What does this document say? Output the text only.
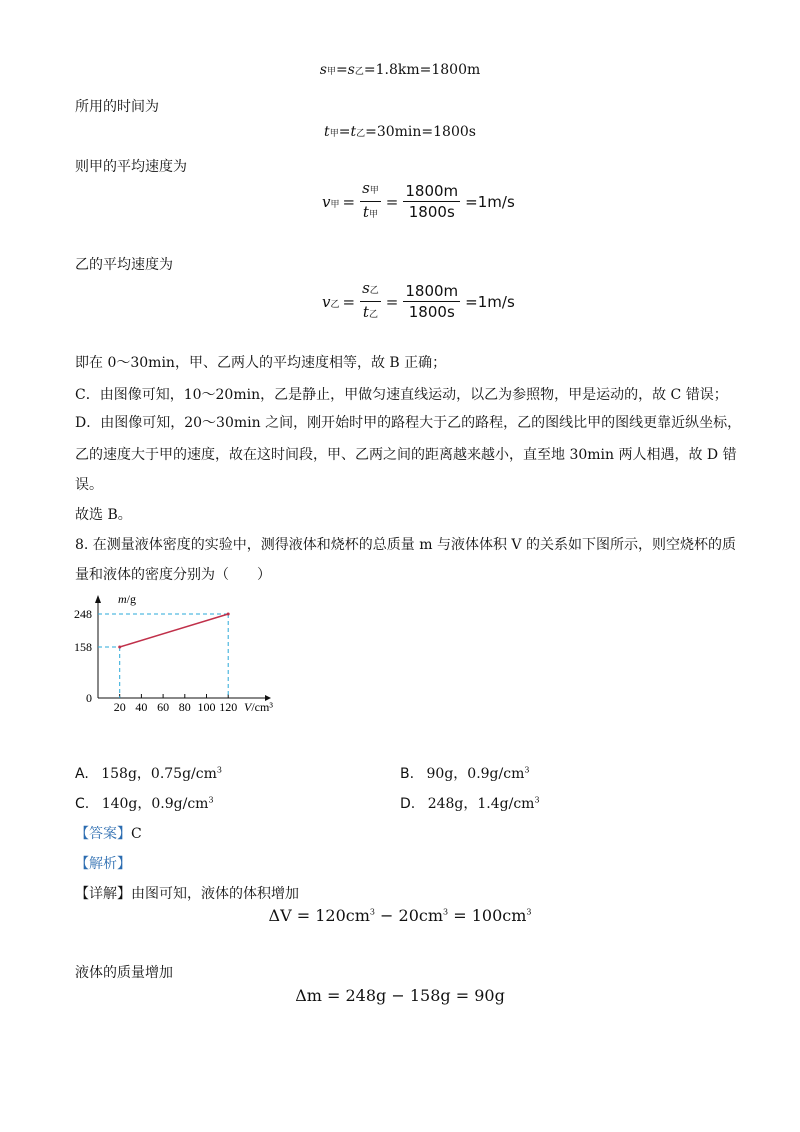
s甲=s乙=1.8km=1800m
所用的时间为
t甲=t乙=30min=1800s
则甲的平均速度为
v甲 = $\frac{\text{s甲}}{\text{t甲}} = \frac{1800m}{1800s} =1m/s$
乙的平均速度为
v乙 = $\frac{\text{s乙}}{\text{t乙}} = \frac{1800m}{1800s} =1m/s$
即在 0～30min，甲、乙两人的平均速度相等，故 B 正确；
C．由图像可知，10～20min，乙是静止，甲做匀速直线运动，以乙为参照物，甲是运动的，故 C 错误；
D．由图像可知，20～30min 之间，刚开始时甲的路程大于乙的路程，乙的图线比甲的图线更靠近纵坐标，
乙的速度大于甲的速度，故在这时间段，甲、乙两之间的距离越来越小，直至地 30min 两人相遇，故 D 错
误。
故选 B。
8. 在测量液体密度的实验中，测得液体和烧杯的总质量 m 与液体体积 V 的关系如下图所示，则空烧杯的质
量和液体的密度分别为（　　）
m/g
V/cm³
20 40 60 80 100 120
248
158
0
A. 158g，$0.75g/cm^3$	B. 90g，$0.9g/cm^3$
C. 140g，$0.9g/cm^3$	D. 248g，$1.4g/cm^3$
【答案】C
【解析】
【详解】由图可知，液体的体积增加
$\Delta V = 120cm^3 - 20cm^3 = 100cm^3$
液体的质量增加
Δm = 248g − 158g = 90g
